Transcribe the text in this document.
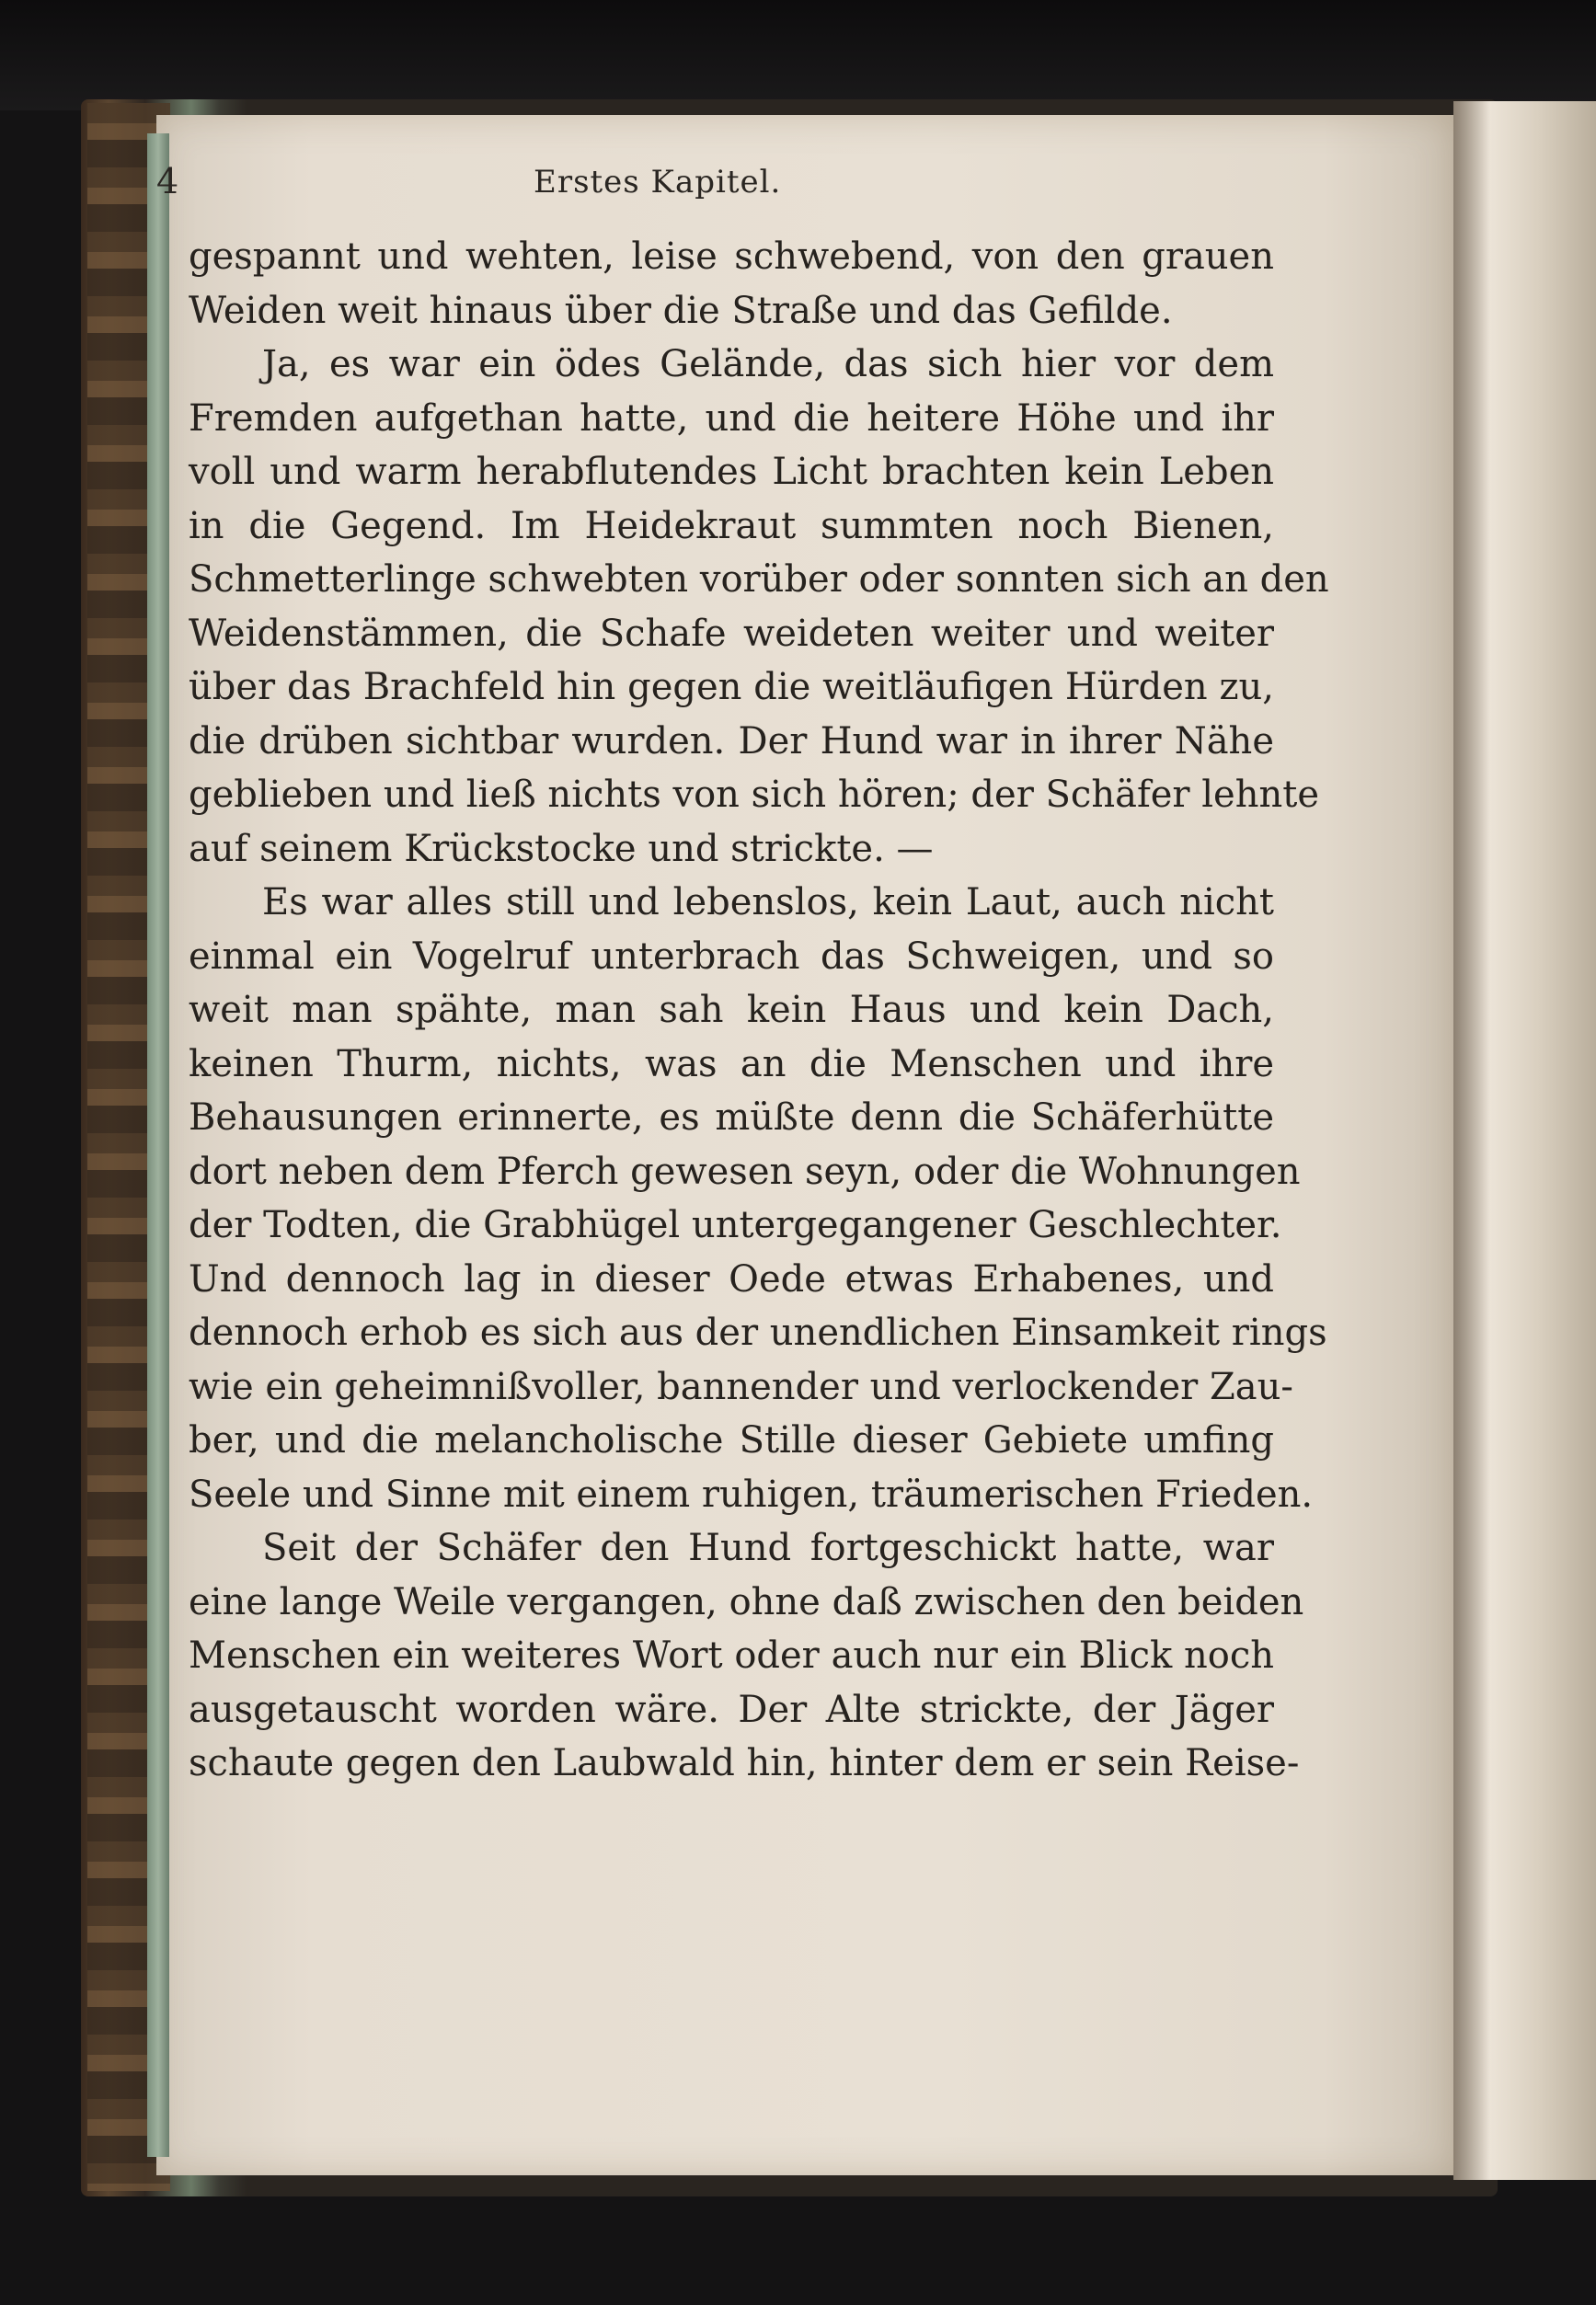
4	Erstes Kapitel.
gespannt und wehten, leise schwebend, von den grauen
Weiden weit hinaus über die Straße und das Gefilde.
Ja, es war ein ödes Gelände, das sich hier vor dem
Fremden aufgethan hatte, und die heitere Höhe und ihr
voll und warm herabflutendes Licht brachten kein Leben
in die Gegend. Im Heidekraut summten noch Bienen,
Schmetterlinge schwebten vorüber oder sonnten sich an den
Weidenstämmen, die Schafe weideten weiter und weiter
über das Brachfeld hin gegen die weitläufigen Hürden zu,
die drüben sichtbar wurden. Der Hund war in ihrer Nähe
geblieben und ließ nichts von sich hören; der Schäfer lehnte
auf seinem Krückstocke und strickte. —
Es war alles still und lebenslos, kein Laut, auch nicht
einmal ein Vogelruf unterbrach das Schweigen, und so
weit man spähte, man sah kein Haus und kein Dach,
keinen Thurm, nichts, was an die Menschen und ihre
Behausungen erinnerte, es müßte denn die Schäferhütte
dort neben dem Pferch gewesen seyn, oder die Wohnungen
der Todten, die Grabhügel untergegangener Geschlechter.
Und dennoch lag in dieser Oede etwas Erhabenes, und
dennoch erhob es sich aus der unendlichen Einsamkeit rings
wie ein geheimnißvoller, bannender und verlockender Zau-
ber, und die melancholische Stille dieser Gebiete umfing
Seele und Sinne mit einem ruhigen, träumerischen Frieden.
Seit der Schäfer den Hund fortgeschickt hatte, war
eine lange Weile vergangen, ohne daß zwischen den beiden
Menschen ein weiteres Wort oder auch nur ein Blick noch
ausgetauscht worden wäre. Der Alte strickte, der Jäger
schaute gegen den Laubwald hin, hinter dem er sein Reise-
